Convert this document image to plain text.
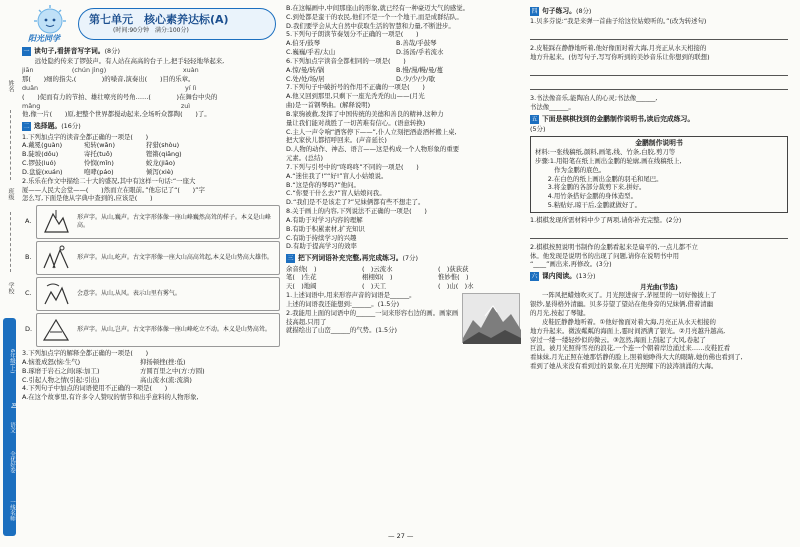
姓名
班级
学校
一线名师
全优好卷
语文
RJ
6年级(上)
阳光同学
第七单元　核心素养达标(A)
(时间:90分钟　满分:100分)
一 读句子,看拼音写字词。 (8分)
　　远处隐约传来了锣鼓声。有人站在高高的台子上,把手轻轻地举起来,
jiān　　　　　　(chún jìng)　　　　　　　　　　　　xuàn
那(　　)细的指尖,(　　　　)的嗓音,演奏出(　　)目的乐章。
duǎn　　　　　　　　　　　　　　　　　　　　　　　yí lì
(　　)促而有力的节拍、雄壮嘹亮的号角……(　　　　)在舞台中央的
mǎng　　　　　　　　　　　　　　　　　　　　　　zuì
他,像一片(　　)原,把整个世界都搅动起来,全场听众都陶(　　)了。
二 选择题。 (16分)
1.下列加点字的读音全都正确的一项是(　　)
A.戴冕(guàn)	宛转(wǎn)	狩猎(shòu)
B.陡坡(dǒu)	寄托(tuō)	铿锵(qiāng)
C.锣鼓(luó)	怜悯(mǐn)	蛟龙(jiāo)
D.盘旋(xuán)	咆哮(páo)	倾泻(xiè)
2.乐乐在作文中描绘二十大的盛况,其中有这样一句话:“一座大
厦——人民大会堂——(　　)然而立在眼前。”他忘记了“(　　)”字
怎么写,下面是他从字典中查到的,应该是(　　)
A.	形声字。从山,巍声。古文字形体像一座山峰巍然高耸的样子。本义是山峰高。
B.	形声字。从山,屹声。古文字形像一座大山高高耸起,本义是山势高大雄伟。
C.	会意字。从山,从风。表示山里有雾气。
D.	形声字。从山,岂声。古文字形体像一座山峰屹立不动。本义是山势高耸。
3.下列加点字的解释全都正确的一项是(　　)
A.恼羞成怒(恼:生气)	抑扬顿挫(挫:低)
B.琢磨于岩石之间(琢:加工)	方圆百里之中(方:方圆)
C.引起人物之情(引起:引出)	高山流水(流:流淌)
4.下列句子中加点的词语使用不正确的一项是(　　)
A.在这个故事里,有许多令人赞叹的情节和出乎意料的人物形象,
B.在这幅画中,中间那座山的形象,就已经有一种豪迈大气的感觉。
C.到处都是蛮干的农民,他们不是一个一个地干,而是成群结队。
D.我们要学会从大自然中获取生活的智慧和力量,不断进步。
5.下列句子朗读节奏划分不正确的一项是(　　)
A.伯牙/鼓琴	B.善哉/乎鼓琴
C.巍巍/乎若/太山	D.汤汤/乎若流水
6.下列加点字读音全都相同的一项是(　　)
A.惊/曼/转/锅	B.慢/漫/幔/曼/蔓
C.处/处/场/居	D.少/少/少/歇
7.下列句子中破折号的作用不正确的一项是(　　)
A.他又回到那里,只剩下一座光秃秃的山——(月光
曲)是一首钢琴曲。(解释说明)
B.家驹被救,发挥了中国传统的美德和善良的精神,这种力
量让我们能对战胜了一切苦难有信心。(语意转换)
C.主人一声令响“酒客停下——”,仆人立刻把酒壶酒杯搬上桌,
把大家伙儿都招呼回来。(声音延长)
D.人物的动作、神态、语言——这是构成一个人物形象的重要
元素。(总结)
7.下列与引号中的“咚咚咚”不同的一项是(　　)
A.“迷住我了!”“好!”盲人小姑娘说。
B.“这是你的琴吗?”他问。
C.“你要干什么去?”盲人姑娘问我。
D.“我们是不是该走了?”兄妹俩都有些不想走了。
8.关于画上的内容,下列说法不正确的一项是(　　)
A.有助于对学习内容的理解
B.有助于积累素材,扩充知识
C.有助于持续学习的兴趣
D.有助于提高学习的效率
三 把下列词语补充完整,再完成练习。 (7分)
余音绕(　)	(　)云流水	(　)荻荻荻
笔(　)生花	栩栩如(　)	惟妙惟(　)
天(　)地阔	(　)天工	(　)山(　)水
1.上述词语中,用来形容声音的词语是______。
上述的词语我还能想到:______。(1.5分)
2.我能用上面的词语中的______一词来形容右边的画。画家画技高超,只用了
就描绘出了山峦______的气势。(1.5分)
四 句子练习。 (8分)
1.贝多芬说:“我是来弹一首曲子给这位姑娘听的。”(改为转述句)
2.皮鞋踩在静静地听着,他好像面对着大海,月亮正从水天相接的
地方升起来。(仿写句子,写写你听到的美妙音乐让你想到的联想)
3.书法像音乐,能陶冶人的心灵;书法像______,
书法像______。
五 下面是棋棋找到的金鹏制作说明书,读后完成练习。
(5分)
金鹏制作说明书
材料:一张线稿纸,颜料,画笔,线、竹条,白胶,剪刀等
步骤:1.用铅笔在纸上画出金鹏的轮廓,画在线稿纸上,
　　　作为金鹏的底色。
　　2.在白色的纸上画出金鹏的羽毛和尾巴。
　　3.将金鹏的各部分裁剪下来,拼好。
　　4.用竹条搭好金鹏的身体造型。
　　5.粘贴好,晾干后,金鹏就做好了。
1.棋棋发现所需材料中少了两项,请你补充完整。(2分)
2.棋棋按照说明书制作的金鹏看起来是扁平的,一点儿都不立
体。他发现是说明书的出现了问题,请你在说明书中用
“____”画出来,再修改。(3分)
六 课内阅读。 (13分)
月光曲(节选)
一阵风把蜡烛吹灭了。月光照进窗子,茅屋里的一切好像披上了
银纱,显得格外清幽。贝多芬望了望站在他身旁的兄妹俩,借着清幽
的月光,按起了琴键。
皮鞋匠静静地听着。①他好像面对着大海,月亮正从水天相接的
地方升起来。微波粼粼的海面上,霎时间洒满了银光。②月亮越升越高,
穿过一缕一缕轻纱似的微云。③忽然,海面上刮起了大风,卷起了
巨浪。被月光照得雪亮的浪花,一个连一个朝着岸边涌过来……皮鞋匠看
看妹妹,月光正照在她那恬静的脸上,照着她睁得大大的眼睛,她仿佛也看到了,
看到了她从来没有看到过的景象,在月光照耀下的波涛汹涌的大海。
— 27 —
